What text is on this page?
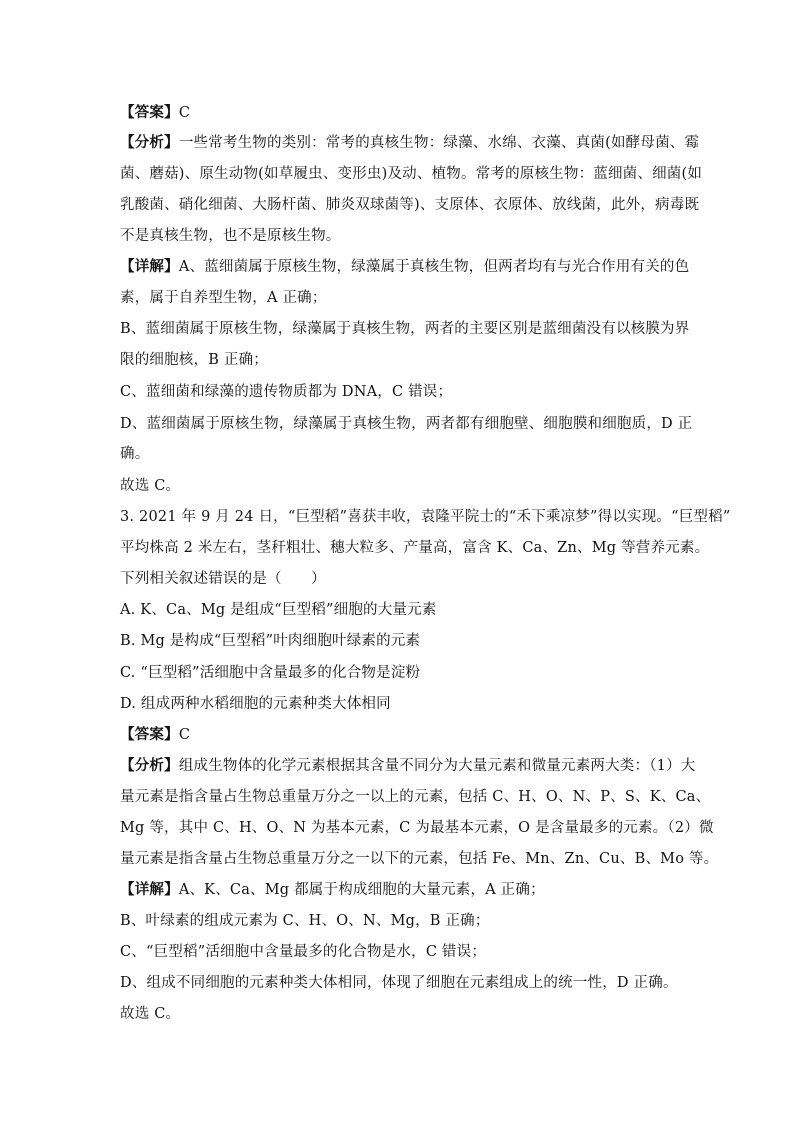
【答案】C
【分析】一些常考生物的类别：常考的真核生物：绿藻、水绵、衣藻、真菌(如酵母菌、霉
菌、蘑菇)、原生动物(如草履虫、变形虫)及动、植物。常考的原核生物：蓝细菌、细菌(如
乳酸菌、硝化细菌、大肠杆菌、肺炎双球菌等)、支原体、衣原体、放线菌，此外，病毒既
不是真核生物，也不是原核生物。
【详解】A、蓝细菌属于原核生物，绿藻属于真核生物，但两者均有与光合作用有关的色
素，属于自养型生物，A 正确；
B、蓝细菌属于原核生物，绿藻属于真核生物，两者的主要区别是蓝细菌没有以核膜为界
限的细胞核，B 正确；
C、蓝细菌和绿藻的遗传物质都为 DNA，C 错误；
D、蓝细菌属于原核生物，绿藻属于真核生物，两者都有细胞壁、细胞膜和细胞质，D 正
确。
故选 C。
3. 2021 年 9 月 24 日，“巨型稻”喜获丰收，袁隆平院士的“禾下乘凉梦”得以实现。“巨型稻”
平均株高 2 米左右，茎秆粗壮、穗大粒多、产量高，富含 K、Ca、Zn、Mg 等营养元素。
下列相关叙述错误的是（　　）
A. K、Ca、Mg 是组成“巨型稻”细胞的大量元素
B. Mg 是构成“巨型稻”叶肉细胞叶绿素的元素
C. “巨型稻”活细胞中含量最多的化合物是淀粉
D. 组成两种水稻细胞的元素种类大体相同
【答案】C
【分析】组成生物体的化学元素根据其含量不同分为大量元素和微量元素两大类：（1）大
量元素是指含量占生物总重量万分之一以上的元素，包括 C、H、O、N、P、S、K、Ca、
Mg 等，其中 C、H、O、N 为基本元素，C 为最基本元素，O 是含量最多的元素。（2）微
量元素是指含量占生物总重量万分之一以下的元素，包括 Fe、Mn、Zn、Cu、B、Mo 等。
【详解】A、K、Ca、Mg 都属于构成细胞的大量元素，A 正确；
B、叶绿素的组成元素为 C、H、O、N、Mg，B 正确；
C、“巨型稻”活细胞中含量最多的化合物是水，C 错误；
D、组成不同细胞的元素种类大体相同，体现了细胞在元素组成上的统一性，D 正确。
故选 C。
